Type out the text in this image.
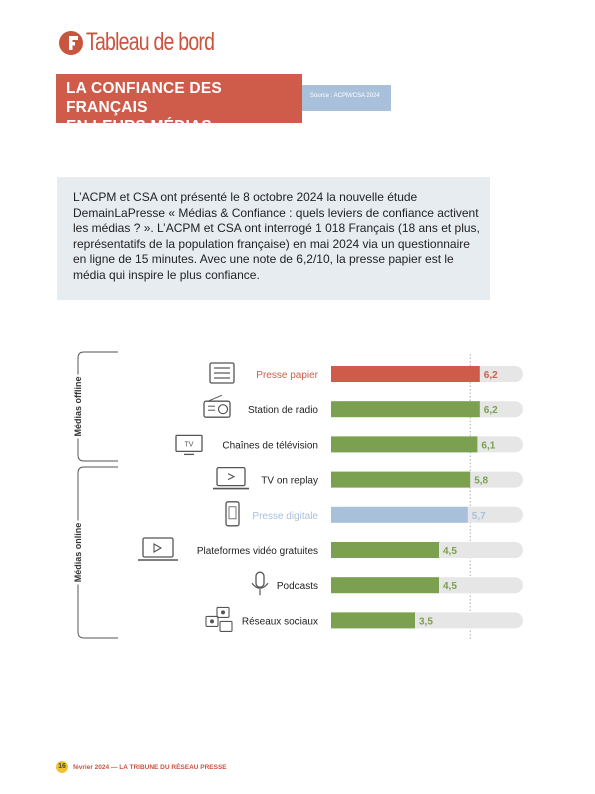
Tableau de bord
LA CONFIANCE DES FRANÇAIS
EN LEURS MÉDIAS
Source : ACPM/CSA 2024
L’ACPM et CSA ont présenté le 8 octobre 2024 la nouvelle étude DemainLaPresse « Médias & Confiance : quels leviers de confiance activent les médias ? ». L’ACPM et CSA ont interrogé 1 018 Français (18 ans et plus, représentatifs de la population française) en mai 2024 via un questionnaire en ligne de 15 minutes. Avec une note de 6,2/10, la presse papier est le média qui inspire le plus confiance.
6,2
Presse papier
6,2
Station de radio
6,1
Chaînes de télévision
5,8
TV on replay
5,7
Presse digitale
4,5
Plateformes vidéo gratuites
4,5
Podcasts
3,5
Réseaux sociaux
TV
Médias offline
Médias online
16	février 2024 — LA TRIBUNE DU RÉSEAU PRESSE
